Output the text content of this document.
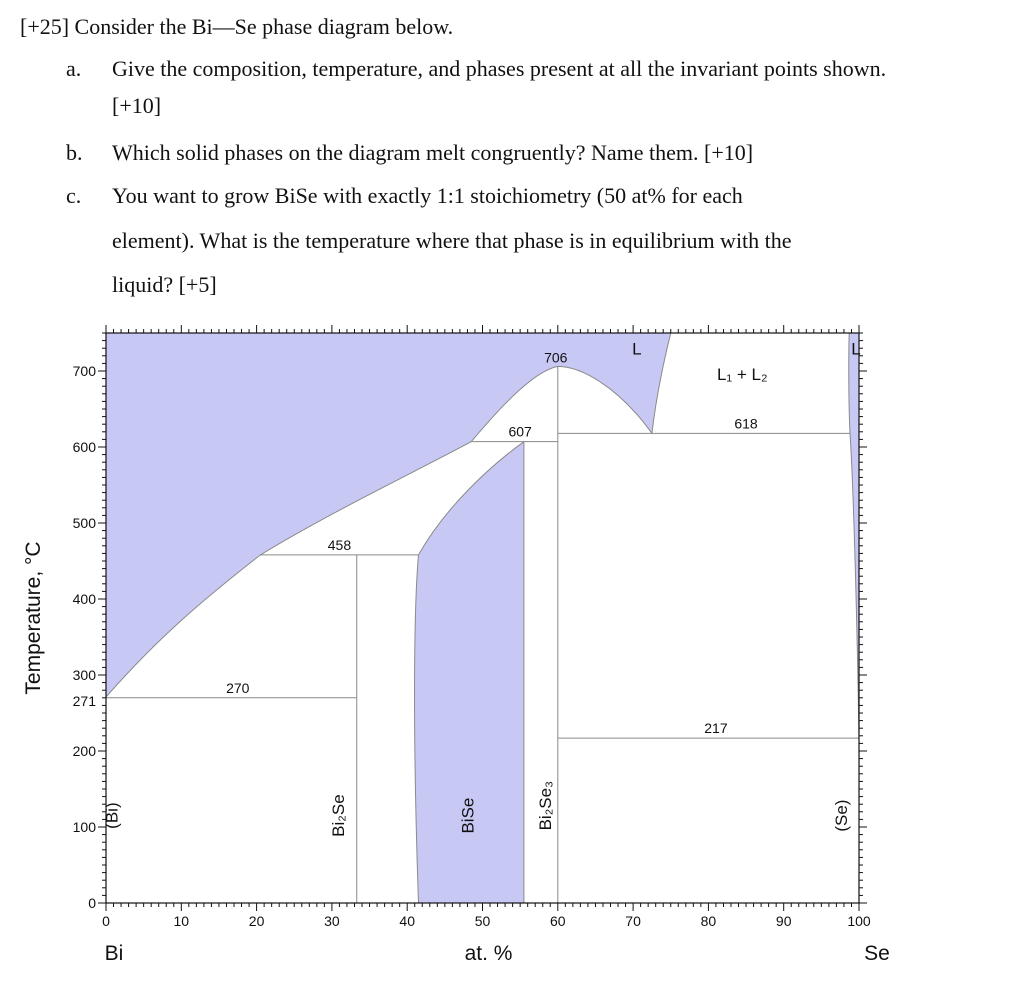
[+25] Consider the Bi—Se phase diagram below.
a. Give the composition, temperature, and phases present at all the invariant points shown.
[+10]
b. Which solid phases on the diagram melt congruently? Name them. [+10]
c. You want to grow BiSe with exactly 1:1 stoichiometry (50 at% for each
element). What is the temperature where that phase is in equilibrium with the
liquid? [+5]
0	10	20	30	40	50	60	70	80	90	100
0
100
200
300
400
500
600
700
271
Temperature, °C
at. %
Bi	Se
270
458
607
618
217
706	L	L
L₁ + L₂
(Bi)	Bi₂Se	BiSe	Bi₂Se₃	(Se)
